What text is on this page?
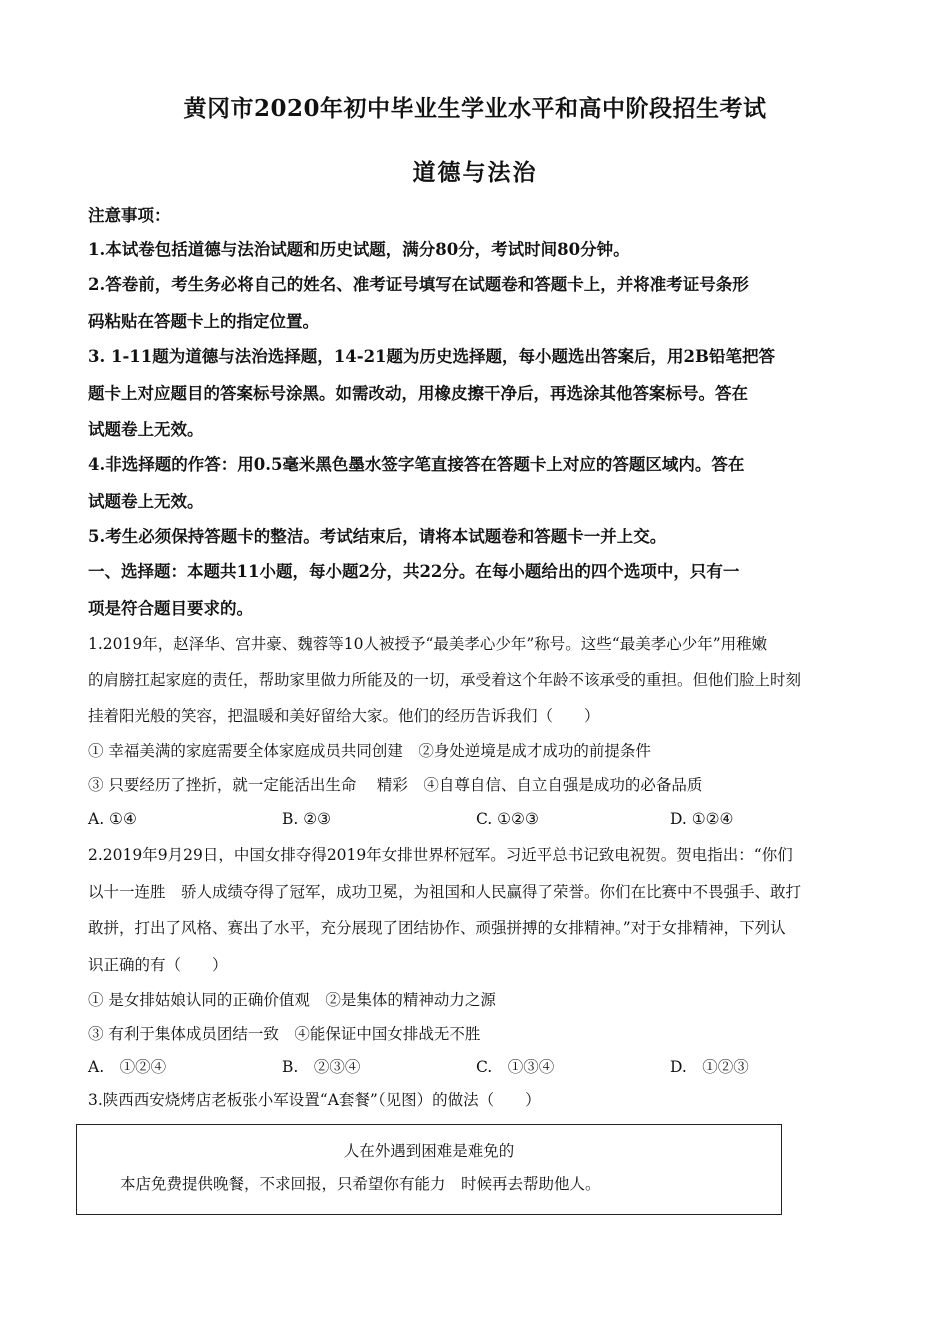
黄冈市2020年初中毕业生学业水平和高中阶段招生考试
道德与法治
注意事项：
1.本试卷包括道德与法治试题和历史试题，满分80分，考试时间80分钟。
2.答卷前，考生务必将自己的姓名、准考证号填写在试题卷和答题卡上，并将准考证号条形
码粘贴在答题卡上的指定位置。
3. 1-11题为道德与法治选择题，14-21题为历史选择题，每小题选出答案后，用2B铅笔把答
题卡上对应题目的答案标号涂黑。如需改动，用橡皮擦干净后，再选涂其他答案标号。答在
试题卷上无效。
4.非选择题的作答：用0.5毫米黑色墨水签字笔直接答在答题卡上对应的答题区域内。答在
试题卷上无效。
5.考生必须保持答题卡的整洁。考试结束后，请将本试题卷和答题卡一并上交。
一、选择题：本题共11小题，每小题2分，共22分。在每小题给出的四个选项中，只有一
项是符合题目要求的。
1.2019年，赵泽华、宫井豪、魏蓉等10人被授予“最美孝心少年”称号。这些“最美孝心少年”用稚嫩
的肩膀扛起家庭的责任，帮助家里做力所能及的一切，承受着这个年龄不该承受的重担。但他们脸上时刻
挂着阳光般的笑容，把温暖和美好留给大家。他们的经历告诉我们（　　）
① 幸福美满的家庭需要全体家庭成员共同创建　②身处逆境是成才成功的前提条件
③ 只要经历了挫折，就一定能活出生命　 精彩　④自尊自信、自立自强是成功的必备品质
A. ①④	B. ②③	C. ①②③	D. ①②④
2.2019年9月29日，中国女排夺得2019年女排世界杯冠军。习近平总书记致电祝贺。贺电指出：“你们
以十一连胜　骄人成绩夺得了冠军，成功卫冕，为祖国和人民赢得了荣誉。你们在比赛中不畏强手、敢打
敢拼，打出了风格、赛出了水平，充分展现了团结协作、顽强拼搏的女排精神。”对于女排精神，下列认
识正确的有（　　）
① 是女排姑娘认同的正确价值观　②是集体的精神动力之源
③ 有利于集体成员团结一致　④能保证中国女排战无不胜
A.　①②④	B.　②③④	C.　①③④	D.　①②③
3.陕西西安烧烤店老板张小军设置“A套餐”（见图）的做法（　　）
人在外遇到困难是难免的
本店免费提供晚餐，不求回报，只希望你有能力　时候再去帮助他人。
